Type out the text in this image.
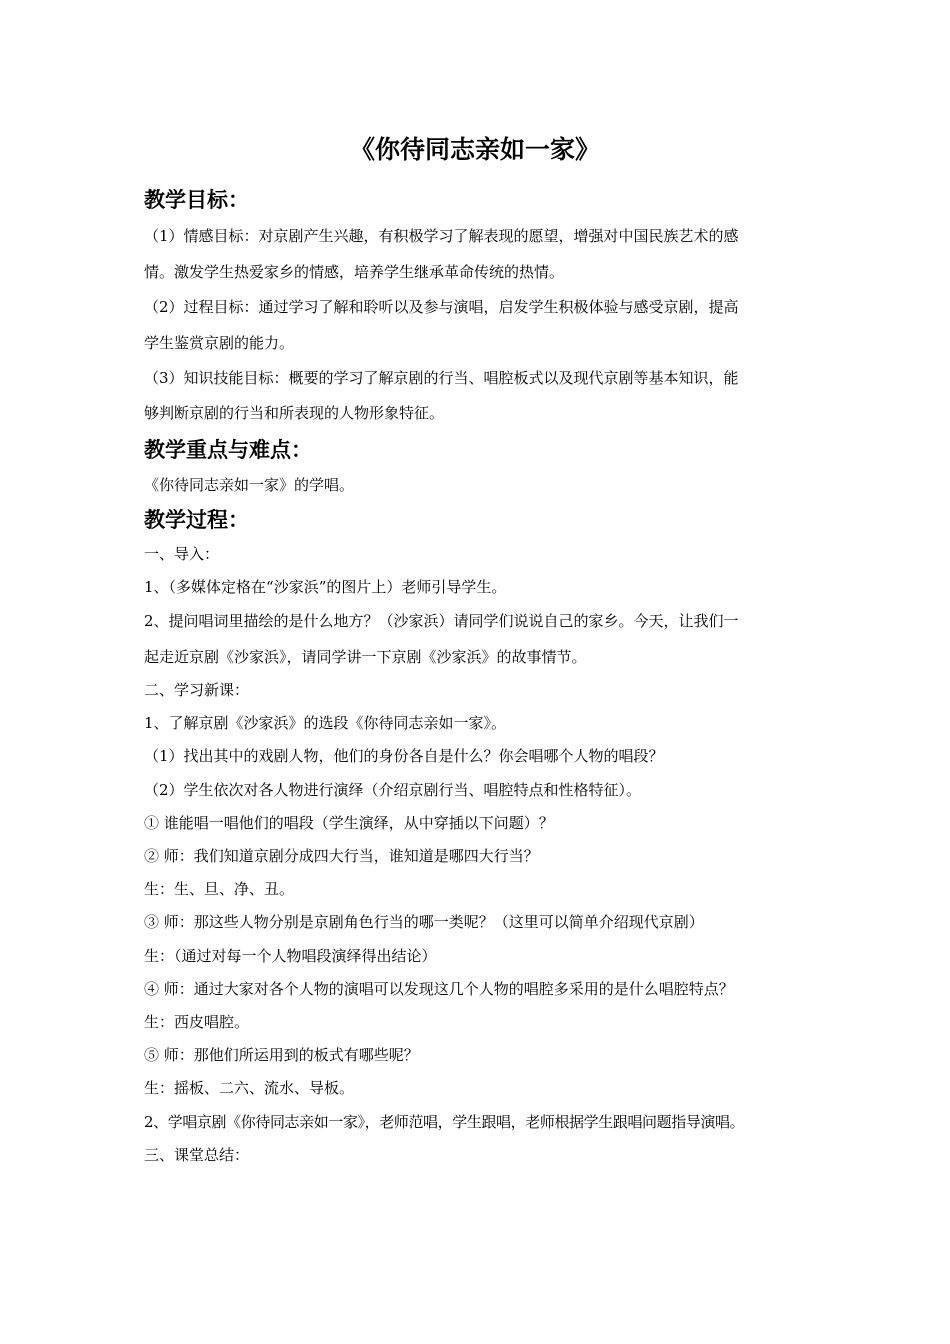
《你待同志亲如一家》
教学目标：
（1）情感目标：对京剧产生兴趣，有积极学习了解表现的愿望，增强对中国民族艺术的感
情。激发学生热爱家乡的情感，培养学生继承革命传统的热情。
（2）过程目标：通过学习了解和聆听以及参与演唱，启发学生积极体验与感受京剧，提高
学生鉴赏京剧的能力。
（3）知识技能目标：概要的学习了解京剧的行当、唱腔板式以及现代京剧等基本知识，能
够判断京剧的行当和所表现的人物形象特征。
教学重点与难点：
《你待同志亲如一家》的学唱。
教学过程：
一、导入：
1、（多媒体定格在“沙家浜”的图片上）老师引导学生。
2、提问唱词里描绘的是什么地方？（沙家浜）请同学们说说自己的家乡。今天，让我们一
起走近京剧《沙家浜》，请同学讲一下京剧《沙家浜》的故事情节。
二、学习新课：
1、了解京剧《沙家浜》的选段《你待同志亲如一家》。
（1）找出其中的戏剧人物，他们的身份各自是什么？你会唱哪个人物的唱段？
（2）学生依次对各人物进行演绎（介绍京剧行当、唱腔特点和性格特征）。
① 谁能唱一唱他们的唱段（学生演绎，从中穿插以下问题）？
② 师：我们知道京剧分成四大行当，谁知道是哪四大行当？
生：生、旦、净、丑。
③ 师：那这些人物分别是京剧角色行当的哪一类呢？（这里可以简单介绍现代京剧）
生：（通过对每一个人物唱段演绎得出结论）
④ 师：通过大家对各个人物的演唱可以发现这几个人物的唱腔多采用的是什么唱腔特点？
生：西皮唱腔。
⑤ 师：那他们所运用到的板式有哪些呢？
生：摇板、二六、流水、导板。
2、学唱京剧《你待同志亲如一家》，老师范唱，学生跟唱，老师根据学生跟唱问题指导演唱。
三、课堂总结：
